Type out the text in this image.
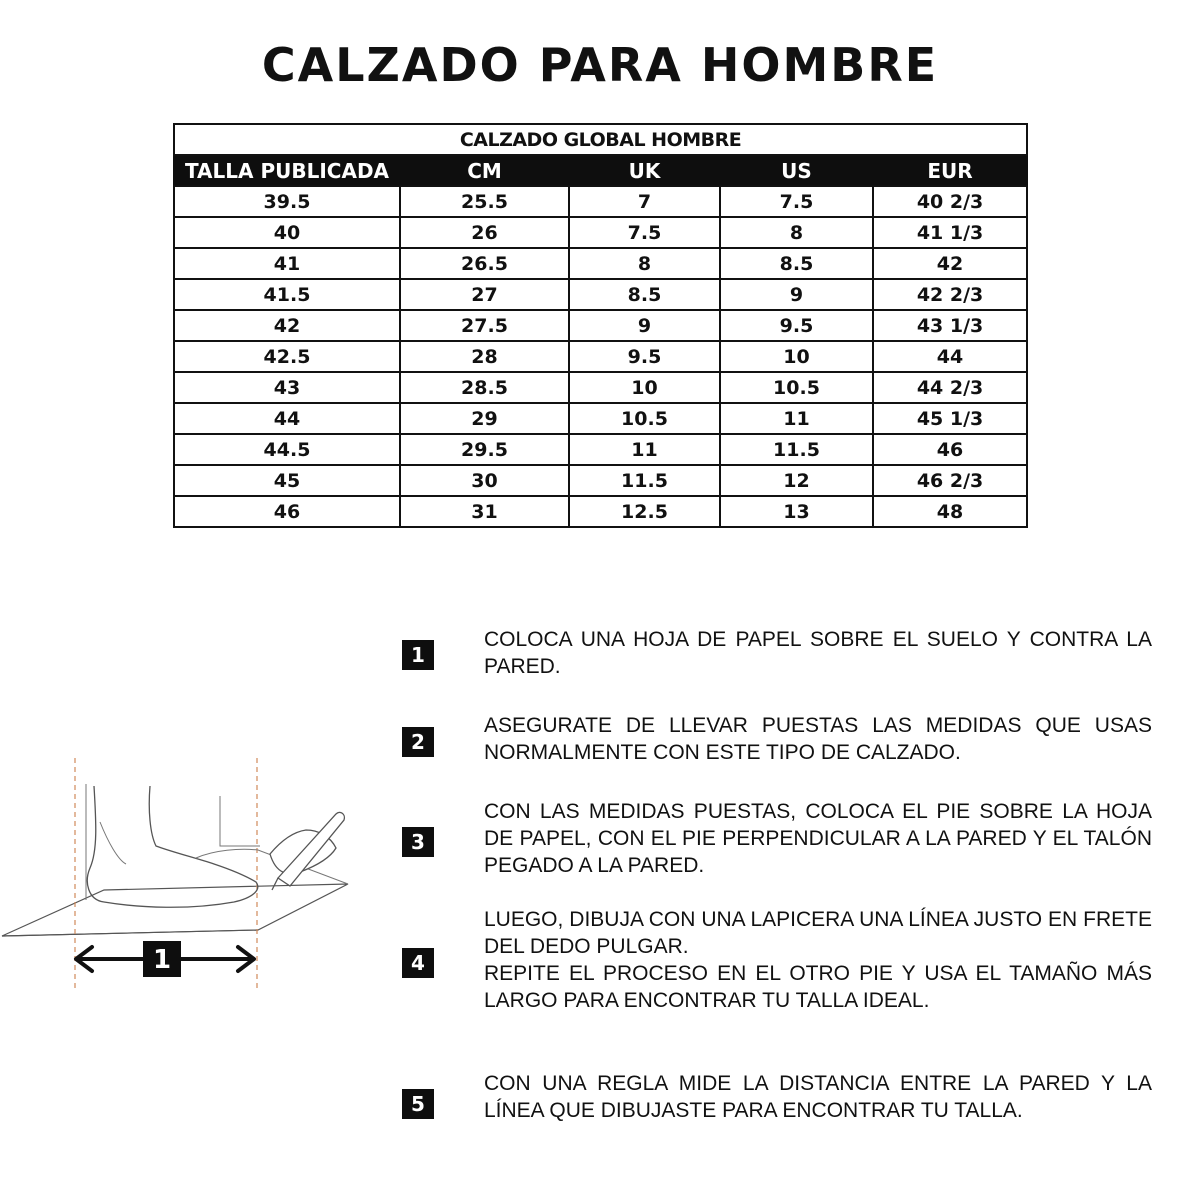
CALZADO PARA HOMBRE
CALZADO GLOBAL HOMBRE				
TALLA PUBLICADA	CM	UK	US	EUR
39.5	25.5	7	7.5	40 2/3
40	26	7.5	8	41 1/3
41	26.5	8	8.5	42
41.5	27	8.5	9	42 2/3
42	27.5	9	9.5	43 1/3
42.5	28	9.5	10	44
43	28.5	10	10.5	44 2/3
44	29	10.5	11	45 1/3
44.5	29.5	11	11.5	46
45	30	11.5	12	46 2/3
46	31	12.5	13	48
1
1
COLOCA UNA HOJA DE PAPEL SOBRE EL SUELO Y CONTRA LA PARED.
2
ASEGURATE DE LLEVAR PUESTAS LAS MEDIDAS QUE USAS NORMALMENTE CON ESTE TIPO DE CALZADO.
3
CON LAS MEDIDAS PUESTAS, COLOCA EL PIE SOBRE LA HOJA DE PAPEL, CON EL PIE PERPENDICULAR A LA PARED Y EL TALÓN PEGADO A LA PARED.
4
LUEGO, DIBUJA CON UNA LAPICERA UNA LÍNEA JUSTO EN FRETE DEL DEDO PULGAR.
REPITE EL PROCESO EN EL OTRO PIE Y USA EL TAMAÑO MÁS LARGO PARA ENCONTRAR TU TALLA IDEAL.
5
CON UNA REGLA MIDE LA DISTANCIA ENTRE LA PARED Y LA LÍNEA QUE DIBUJASTE PARA ENCONTRAR TU TALLA.
